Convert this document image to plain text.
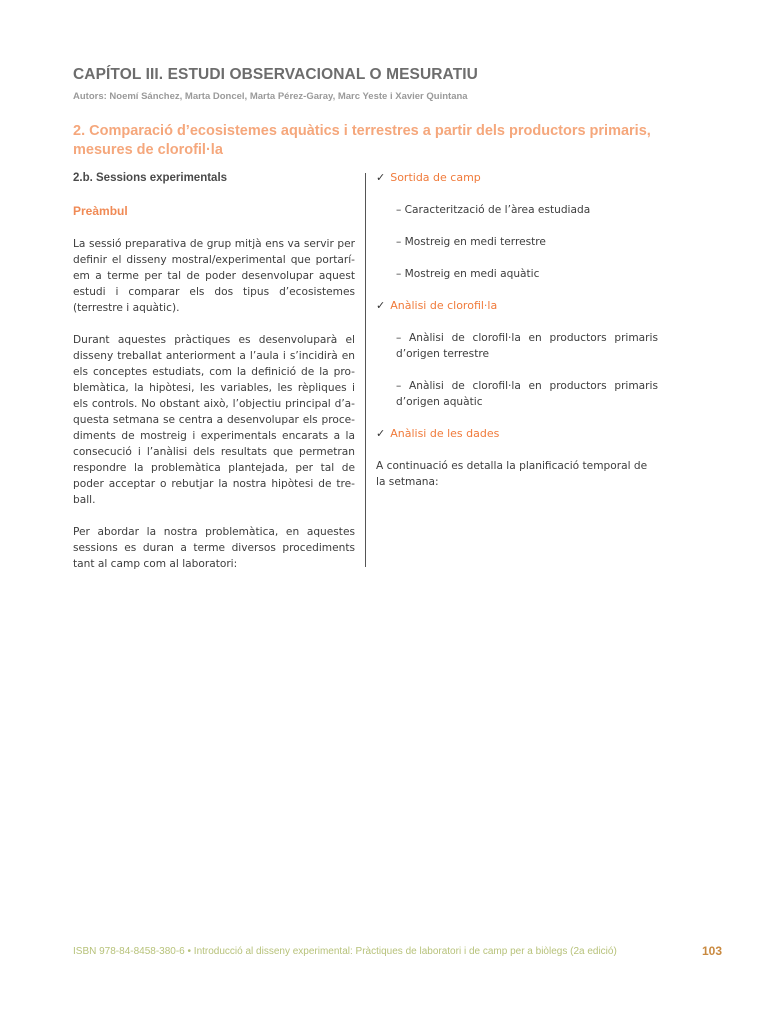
CAPÍTOL III. ESTUDI OBSERVACIONAL O MESURATIU

Autors: Noemí Sánchez, Marta Doncel, Marta Pérez-Garay, Marc Yeste i Xavier Quintana

2. Comparació d’ecosistemes aquàtics i terrestres a partir dels productors primaris, mesures de clorofil·la
2.b. Sessions experimentals
Preàmbul

La sessió preparativa de grup mitjà ens va servir per definir el disseny mostral/experimental que portarí- em a terme per tal de poder desenvolupar aquest estudi i comparar els dos tipus d’ecosistemes (terrestre i aquàtic).

Durant aquestes pràctiques es desenvoluparà el disseny treballat anteriorment a l’aula i s’incidirà en els conceptes estudiats, com la definició de la pro- blemàtica, la hipòtesi, les variables, les rèpliques i els controls. No obstant això, l’objectiu principal d’a- questa setmana se centra a desenvolupar els proce- diments de mostreig i experimentals encarats a la consecució i l’anàlisi dels resultats que permetran respondre la problemàtica plantejada, per tal de poder acceptar o rebutjar la nostra hipòtesi de tre- ball.

Per abordar la nostra problemàtica, en aquestes sessions es duran a terme diversos procediments tant al camp com al laboratori:

✓ Sortida de camp

– Caracterització de l’àrea estudiada

– Mostreig en medi terrestre

– Mostreig en medi aquàtic

✓ Anàlisi de clorofil·la

– Anàlisi de clorofil·la en productors primaris d’origen terrestre

– Anàlisi de clorofil·la en productors primaris d’origen aquàtic

✓ Anàlisi de les dades

A continuació es detalla la planificació temporal de la setmana:

ISBN 978-84-8458-380-6 • Introducció al disseny experimental: Pràctiques de laboratori i de camp per a biòlegs (2a edició)	103
